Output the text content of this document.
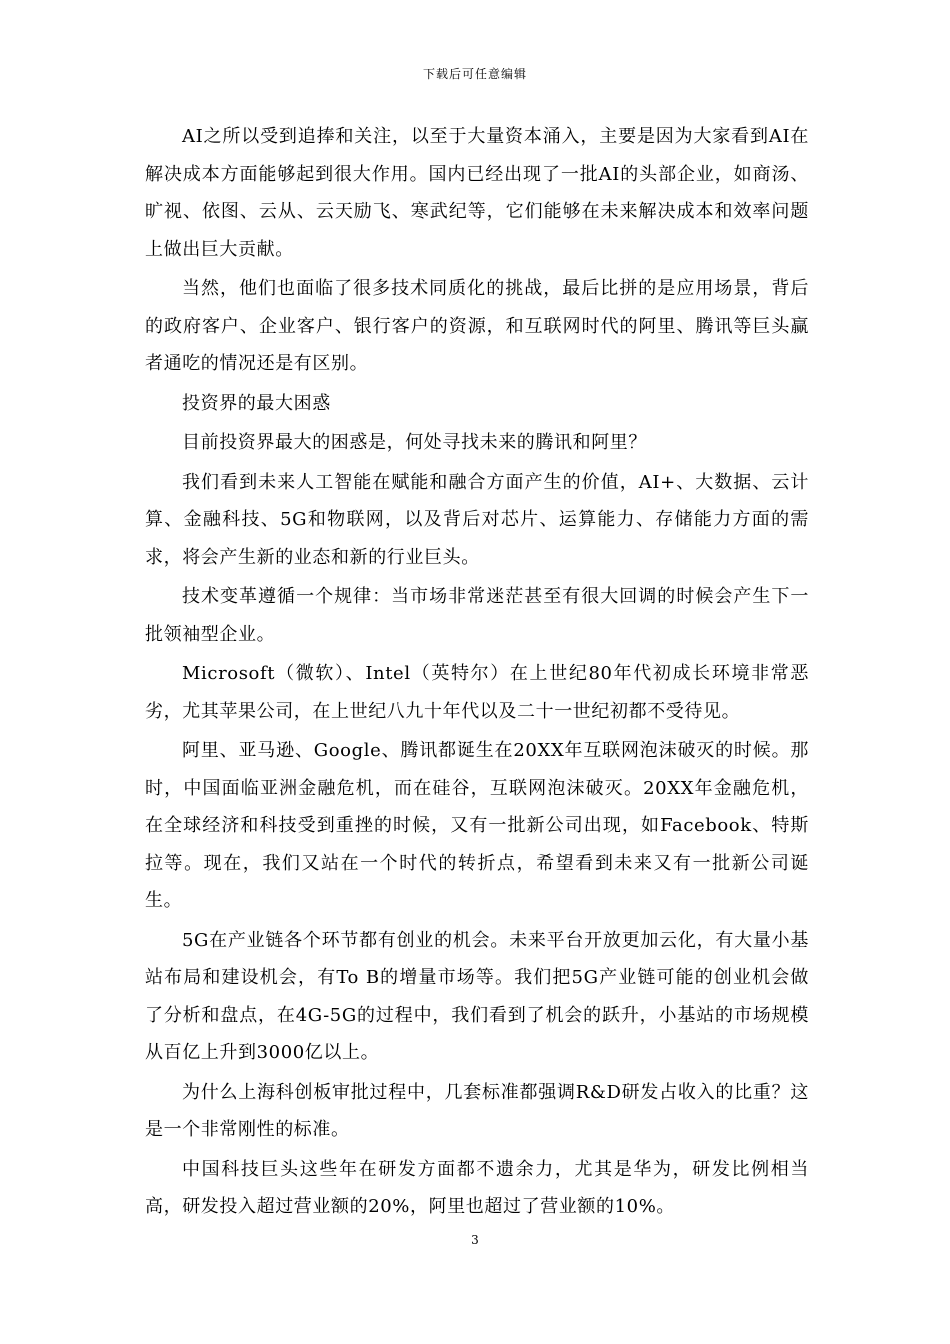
下载后可任意编辑

AI之所以受到追捧和关注，以至于大量资本涌入，主要是因为大家看到AI在解决成本方面能够起到很大作用。国内已经出现了一批AI的头部企业，如商汤、旷视、依图、云从、云天励飞、寒武纪等，它们能够在未来解决成本和效率问题上做出巨大贡献。

当然，他们也面临了很多技术同质化的挑战，最后比拼的是应用场景，背后的政府客户、企业客户、银行客户的资源，和互联网时代的阿里、腾讯等巨头赢者通吃的情况还是有区别。

投资界的最大困惑

目前投资界最大的困惑是，何处寻找未来的腾讯和阿里？

我们看到未来人工智能在赋能和融合方面产生的价值，AI+、大数据、云计算、金融科技、5G和物联网，以及背后对芯片、运算能力、存储能力方面的需求，将会产生新的业态和新的行业巨头。

技术变革遵循一个规律：当市场非常迷茫甚至有很大回调的时候会产生下一批领袖型企业。

Microsoft（微软）、Intel（英特尔）在上世纪80年代初成长环境非常恶劣，尤其苹果公司，在上世纪八九十年代以及二十一世纪初都不受待见。

阿里、亚马逊、Google、腾讯都诞生在20XX年互联网泡沫破灭的时候。那时，中国面临亚洲金融危机，而在硅谷，互联网泡沫破灭。20XX年金融危机，在全球经济和科技受到重挫的时候，又有一批新公司出现，如Facebook、特斯拉等。现在，我们又站在一个时代的转折点，希望看到未来又有一批新公司诞生。

5G在产业链各个环节都有创业的机会。未来平台开放更加云化，有大量小基站布局和建设机会，有To B的增量市场等。我们把5G产业链可能的创业机会做了分析和盘点，在4G-5G的过程中，我们看到了机会的跃升，小基站的市场规模从百亿上升到3000亿以上。

为什么上海科创板审批过程中，几套标准都强调R&D研发占收入的比重？这是一个非常刚性的标准。

中国科技巨头这些年在研发方面都不遗余力，尤其是华为，研发比例相当高，研发投入超过营业额的20%，阿里也超过了营业额的10%。

3
